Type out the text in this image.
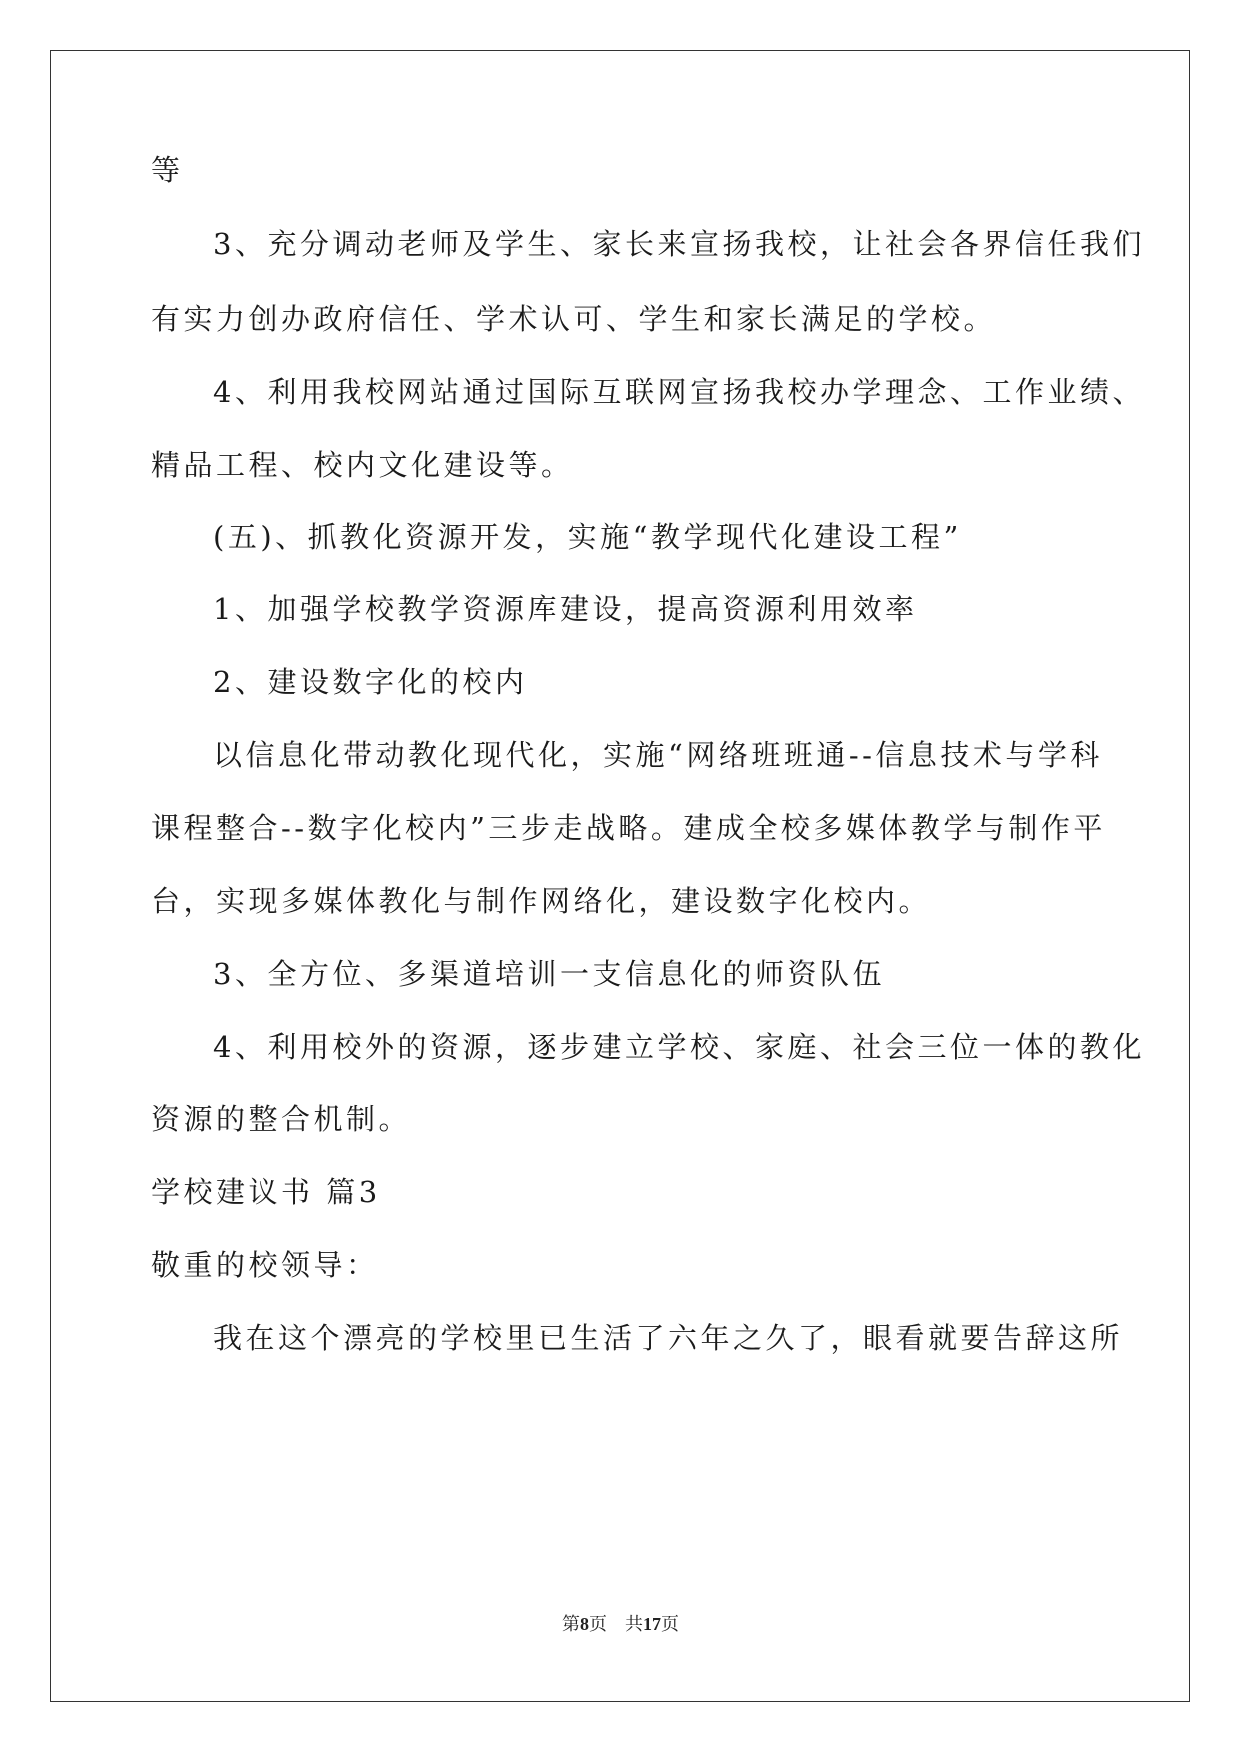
等

3、充分调动老师及学生、家长来宣扬我校，让社会各界信任我们

有实力创办政府信任、学术认可、学生和家长满足的学校。

4、利用我校网站通过国际互联网宣扬我校办学理念、工作业绩、

精品工程、校内文化建设等。

(五)、抓教化资源开发，实施“教学现代化建设工程”

1、加强学校教学资源库建设，提高资源利用效率

2、建设数字化的校内

以信息化带动教化现代化，实施“网络班班通--信息技术与学科

课程整合--数字化校内”三步走战略。建成全校多媒体教学与制作平

台，实现多媒体教化与制作网络化，建设数字化校内。

3、全方位、多渠道培训一支信息化的师资队伍

4、利用校外的资源，逐步建立学校、家庭、社会三位一体的教化

资源的整合机制。

学校建议书 篇3

敬重的校领导：

我在这个漂亮的学校里已生活了六年之久了，眼看就要告辞这所

第8页 共17页
